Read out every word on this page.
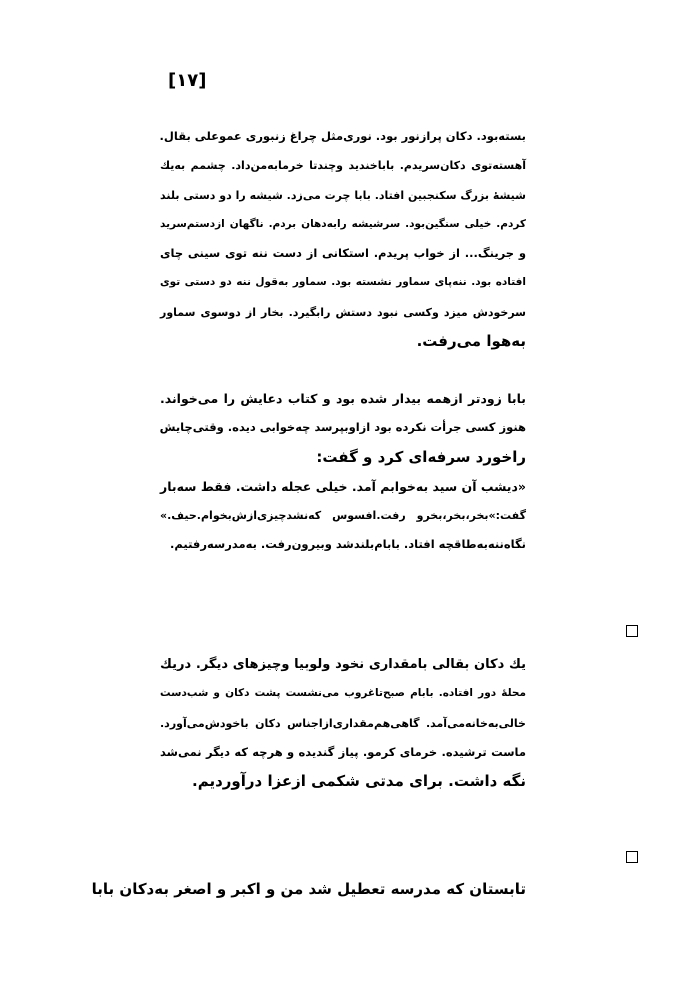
[۱۷]
بسته‌بود. دکان پرازنور بود. نوری‌مثل چراغ زنبوری عموعلی بقال.
آهسته‌توی دکان‌سریدم. باباخندید وچندتا خرمابه‌من‌داد. چشمم به‌یك
شیشهٔ بزرگ سکنجبین افتاد. بابا چرت می‌زد. شیشه را دو دستی بلند
کردم. خیلی سنگین‌بود. سرشیشه رابه‌دهان بردم. ناگهان ازدستم‌سرید
و جرینگ... از خواب پریدم. استکانی از دست ننه توی سینی چای
افتاده بود. ننه‌پای سماور نشسته بود. سماور به‌قول ننه دو دستی توی
سرخودش میزد وکسی نبود دستش رابگیرد. بخار از دوسوی سماور
به‌هوا می‌رفت.
بابا زودتر ازهمه بیدار شده بود و کتاب دعایش را می‌خواند.
هنوز کسی جرأت نکرده بود ازاوبپرسد چه‌خوابی دیده. وقتی‌چایش
راخورد سرفه‌ای کرد و گفت:
«دیشب آن سید به‌خوابم آمد. خیلی عجله داشت. فقط سه‌بار
گفت:»بخر،بخر،بخرو رفت.افسوس که‌نشدچیزی‌ازش‌بخوام.حیف.»
نگاه‌ننه‌به‌طاقچه افتاد. بابام‌بلندشد وبیرون‌رفت. به‌مدرسه‌رفتیم.
یك دکان بقالی بامقداری نخود ولوبیا وچیزهای دیگر. دریك
محلهٔ دور افتاده. بابام صبح‌تاغروب می‌نشست پشت دکان و شب‌دست
خالی‌به‌خانه‌می‌آمد. گاهی‌هم‌مقداری‌ازاجناس دکان باخودش‌می‌آورد.
ماست ترشیده. خرمای کرمو. پیاز گندیده و هرچه که دیگر نمی‌شد
نگه داشت. برای مدتی شکمی ازعزا درآوردیم.
تابستان که مدرسه تعطیل شد من و اکبر و اصغر به‌دکان بابا
